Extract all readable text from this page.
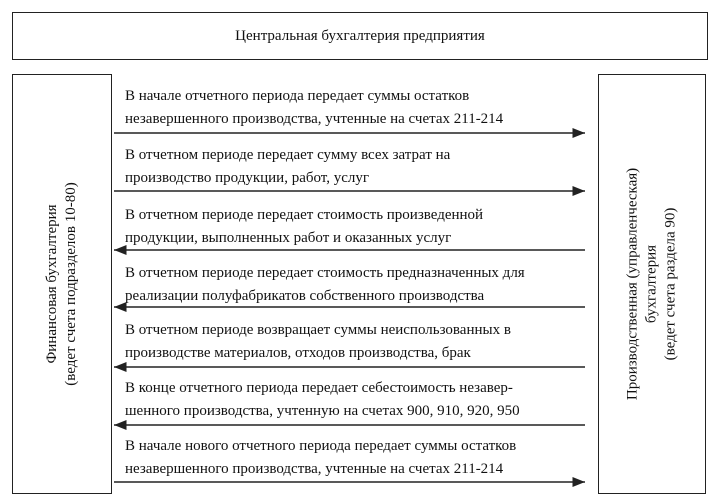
Центральная бухгалтерия предприятия
Финансовая бухгалтерия (ведет счета подразделов 10-80)	Производственная (управленческая) бухгалтерия (ведет счета раздела 90)
В начале отчетного периода передает суммы остатков
незавершенного производства, учтенные на счетах 211-214
В отчетном периоде передает сумму всех затрат на
производство продукции, работ, услуг
В отчетном периоде передает стоимость произведенной
продукции, выполненных работ и оказанных услуг
В отчетном периоде передает стоимость предназначенных для
реализации полуфабрикатов собственного производства
В отчетном периоде возвращает суммы неиспользованных в
производстве материалов, отходов производства, брак
В конце отчетного периода передает себестоимость незавер-
шенного производства, учтенную на счетах 900, 910, 920, 950
В начале нового отчетного периода передает суммы остатков
незавершенного производства, учтенные на счетах 211-214
